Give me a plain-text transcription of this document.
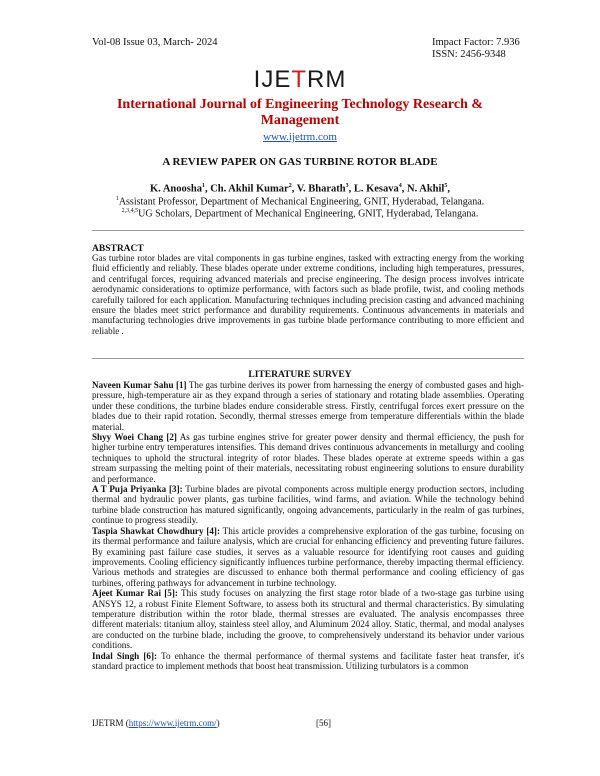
Vol-08 Issue 03, March- 2024	Impact Factor: 7.936
ISSN: 2456-9348
IJETRM
International Journal of Engineering Technology Research & Management
www.ijetrm.com
A REVIEW PAPER ON GAS TURBINE ROTOR BLADE
K. Anoosha$^1$, Ch. Akhil Kumar$^2$, V. Bharath$^3$, L. Kesava$^4$, N. Akhil$^5$,
$^1$Assistant Professor, Department of Mechanical Engineering, GNIT, Hyderabad, Telangana.
$^{2,3,4,5}$UG Scholars, Department of Mechanical Engineering, GNIT, Hyderabad, Telangana.
ABSTRACT
Gas turbine rotor blades are vital components in gas turbine engines, tasked with extracting energy from the working fluid efficiently and reliably. These blades operate under extreme conditions, including high temperatures, pressures, and centrifugal forces, requiring advanced materials and precise engineering. The design process involves intricate aerodynamic considerations to optimize performance, with factors such as blade profile, twist, and cooling methods carefully tailored for each application. Manufacturing techniques including precision casting and advanced machining ensure the blades meet strict performance and durability requirements. Continuous advancements in materials and manufacturing technologies drive improvements in gas turbine blade performance contributing to more efficient and reliable .
LITERATURE SURVEY

Naveen Kumar Sahu [1] The gas turbine derives its power from harnessing the energy of combusted gases and high-pressure, high-temperature air as they expand through a series of stationary and rotating blade assemblies. Operating under these conditions, the turbine blades endure considerable stress. Firstly, centrifugal forces exert pressure on the blades due to their rapid rotation. Secondly, thermal stresses emerge from temperature differentials within the blade material.

Shyy Woei Chang [2] As gas turbine engines strive for greater power density and thermal efficiency, the push for higher turbine entry temperatures intensifies. This demand drives continuous advancements in metallurgy and cooling techniques to uphold the structural integrity of rotor blades. These blades operate at extreme speeds within a gas stream surpassing the melting point of their materials, necessitating robust engineering solutions to ensure durability and performance.

A T Puja Priyanka [3]: Turbine blades are pivotal components across multiple energy production sectors, including thermal and hydraulic power plants, gas turbine facilities, wind farms, and aviation. While the technology behind turbine blade construction has matured significantly, ongoing advancements, particularly in the realm of gas turbines, continue to progress steadily.

Taspia Shawkat Chowdhury [4]: This article provides a comprehensive exploration of the gas turbine, focusing on its thermal performance and failure analysis, which are crucial for enhancing efficiency and preventing future failures. By examining past failure case studies, it serves as a valuable resource for identifying root causes and guiding improvements. Cooling efficiency significantly influences turbine performance, thereby impacting thermal efficiency. Various methods and strategies are discussed to enhance both thermal performance and cooling efficiency of gas turbines, offering pathways for advancement in turbine technology.

Ajeet Kumar Rai [5]: This study focuses on analyzing the first stage rotor blade of a two-stage gas turbine using ANSYS 12, a robust Finite Element Software, to assess both its structural and thermal characteristics. By simulating temperature distribution within the rotor blade, thermal stresses are evaluated. The analysis encompasses three different materials: titanium alloy, stainless steel alloy, and Aluminum 2024 alloy. Static, thermal, and modal analyses are conducted on the turbine blade, including the groove, to comprehensively understand its behavior under various conditions.

Indal Singh [6]: To enhance the thermal performance of thermal systems and facilitate faster heat transfer, it's standard practice to implement methods that boost heat transmission. Utilizing turbulators is a common

IJETRM (https://www.ijetrm.com/)	[56]
